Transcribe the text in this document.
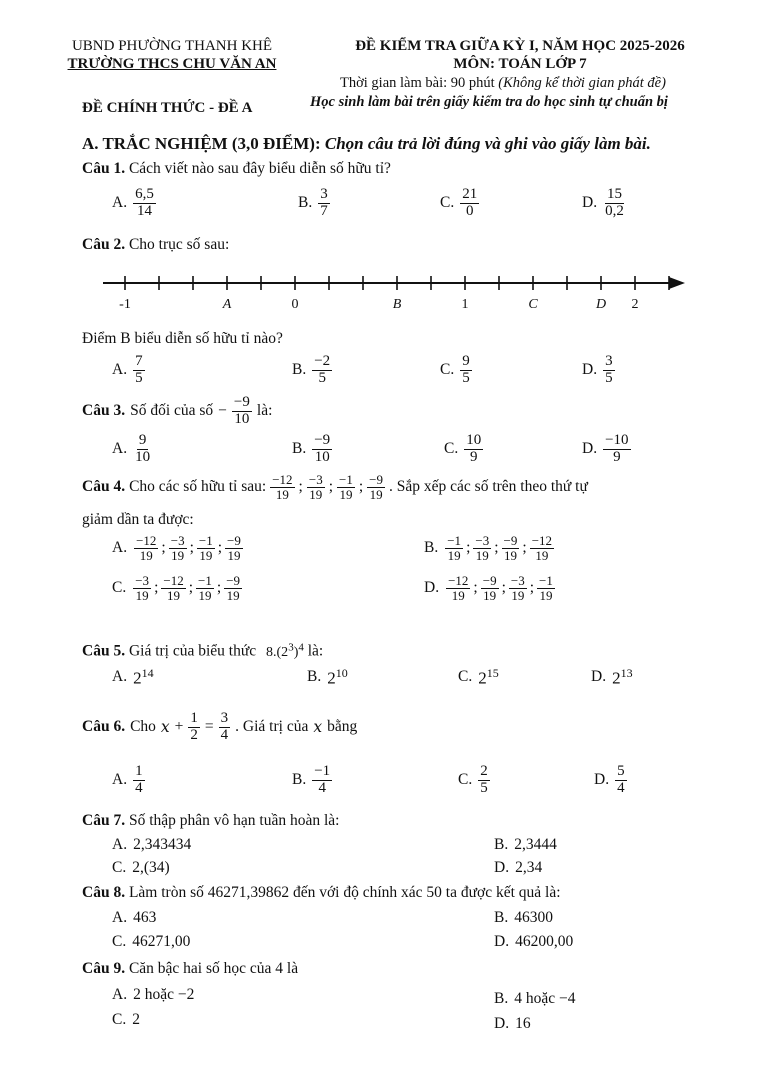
UBND PHƯỜNG THANH KHÊ
TRƯỜNG THCS CHU VĂN AN
ĐỀ KIỂM TRA GIỮA KỲ I, NĂM HỌC 2025-2026
MÔN: TOÁN LỚP 7
Thời gian làm bài: 90 phút (Không kể thời gian phát đề)
ĐỀ CHÍNH THỨC - ĐỀ A	Học sinh làm bài trên giấy kiểm tra do học sinh tự chuẩn bị
A. TRẮC NGHIỆM (3,0 ĐIỂM): Chọn câu trả lời đúng và ghi vào giấy làm bài.
Câu 1. Cách viết nào sau đây biểu diễn số hữu tỉ?
A. $\frac{6,5}{14}$	B. $\frac{3}{7}$	C. $\frac{21}{0}$	D. $\frac{15}{0,2}$
Câu 2. Cho trục số sau:
-1	A	0	B	1	C	D 2
Điểm B biểu diễn số hữu tỉ nào?
A. $\frac{7}{5}$	B. $\frac{-2}{5}$	C. $\frac{9}{5}$	D. $\frac{3}{5}$
Câu 3. Số đối của số − $\frac{-9}{10}$ là:
A. $\frac{9}{10}$	B. $\frac{-9}{10}$	C. $\frac{10}{9}$	D. $\frac{-10}{9}$
Câu 4. Cho các số hữu tỉ sau: $\frac{-12}{19}$ ; $\frac{-3}{19}$ ; $\frac{-1}{19}$ ; $\frac{-9}{19}$ . Sắp xếp các số trên theo thứ tự
giảm dần ta được:
A. $\frac{-12}{19}$ ; $\frac{-3}{19}$ ; $\frac{-1}{19}$ ; $\frac{-9}{19}$	B. $\frac{-1}{19}$ ; $\frac{-3}{19}$ ; $\frac{-9}{19}$ ; $\frac{-12}{19}$
C. $\frac{-3}{19}$ ; $\frac{-12}{19}$ ; $\frac{-1}{19}$ ; $\frac{-9}{19}$	D. $\frac{-12}{19}$ ; $\frac{-9}{19}$ ; $\frac{-3}{19}$ ; $\frac{-1}{19}$
Câu 5. Giá trị của biểu thức $8.(2^3)^4$ là:
A. $2^{14}$	B. $2^{10}$	C. $2^{15}$	D. $2^{13}$
Câu 6. Cho $x + \frac{1}{2} = \frac{3}{4}$ . Giá trị của x bằng
A. $\frac{1}{4}$	B. $\frac{-1}{4}$	C. $\frac{2}{5}$	D. $\frac{5}{4}$
Câu 7. Số thập phân vô hạn tuần hoàn là:
A. 2,343434	B. 2,3444
C. 2,(34)	D. 2,34
Câu 8. Làm tròn số 46271,39862 đến với độ chính xác 50 ta được kết quả là:
A. 463	B. 46300
C. 46271,00	D. 46200,00
Câu 9. Căn bậc hai số học của 4 là
A. 2 hoặc −2	B. 4 hoặc −4
C. 2	D. 16
